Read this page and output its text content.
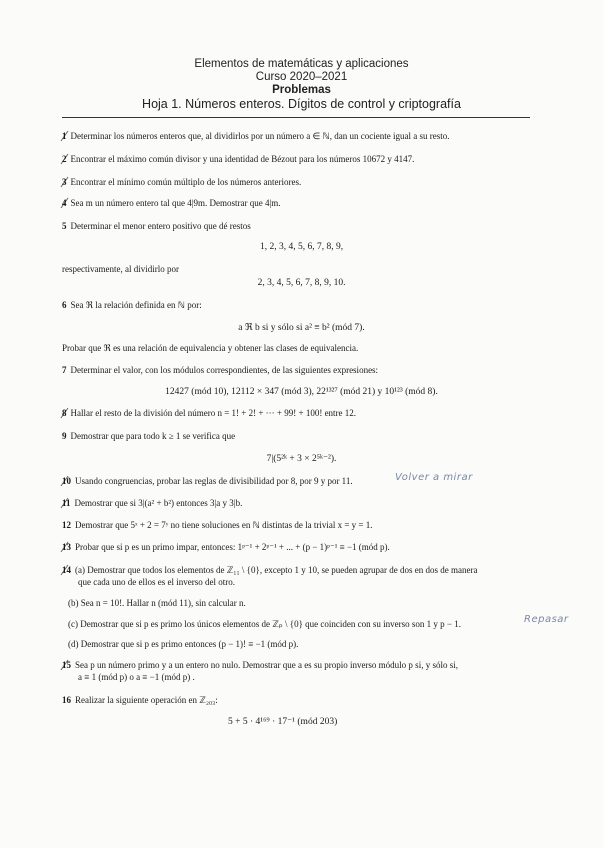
Elementos de matemáticas y aplicaciones
Curso 2020–2021
Problemas
Hoja 1. Números enteros. Dígitos de control y criptografía
1 Determinar los números enteros que, al dividirlos por un número a ∈ ℕ, dan un cociente igual a su resto.
2 Encontrar el máximo común divisor y una identidad de Bézout para los números 10672 y 4147.
3 Encontrar el mínimo común múltiplo de los números anteriores.
4 Sea m un número entero tal que 4|9m. Demostrar que 4|m.
5 Determinar el menor entero positivo que dé restos
1, 2, 3, 4, 5, 6, 7, 8, 9,
respectivamente, al dividirlo por
2, 3, 4, 5, 6, 7, 8, 9, 10.
6 Sea ℜ la relación definida en ℕ por:
a ℜ b si y sólo si a² ≡ b² (mód 7).
Probar que ℜ es una relación de equivalencia y obtener las clases de equivalencia.
7 Determinar el valor, con los módulos correspondientes, de las siguientes expresiones:
12427 (mód 10), 12112 × 347 (mód 3), 22¹³²⁷ (mód 21) y 10¹²³ (mód 8).
8 Hallar el resto de la división del número n = 1! + 2! + ··· + 99! + 100! entre 12.
9 Demostrar que para todo k ≥ 1 se verifica que
7|(5²ᵏ + 3 × 2⁵ᵏ⁻²).
10 Usando congruencias, probar las reglas de divisibilidad por 8, por 9 y por 11.	Volver a mirar
11 Demostrar que si 3|(a² + b²) entonces 3|a y 3|b.
12 Demostrar que 5ˣ + 2 = 7ʸ no tiene soluciones en ℕ distintas de la trivial x = y = 1.
13 Probar que si p es un primo impar, entonces: 1ᵖ⁻¹ + 2ᵖ⁻¹ + ... + (p − 1)ᵖ⁻¹ ≡ −1 (mód p).
14 (a) Demostrar que todos los elementos de ℤ₁₁ \ {0}, excepto 1 y 10, se pueden agrupar de dos en dos de manera
que cada uno de ellos es el inverso del otro.
(b) Sea n = 10!. Hallar n (mód 11), sin calcular n.
(c) Demostrar que si p es primo los únicos elementos de ℤₚ \ {0} que coinciden con su inverso son 1 y p − 1.	Repasar
(d) Demostrar que si p es primo entonces (p − 1)! ≡ −1 (mód p).
15 Sea p un número primo y a un entero no nulo. Demostrar que a es su propio inverso módulo p si, y sólo si,
a ≡ 1 (mód p) o a ≡ −1 (mód p) .
16 Realizar la siguiente operación en ℤ₂₀₃:
5 + 5 · 4¹⁶⁹ · 17⁻¹ (mód 203)
